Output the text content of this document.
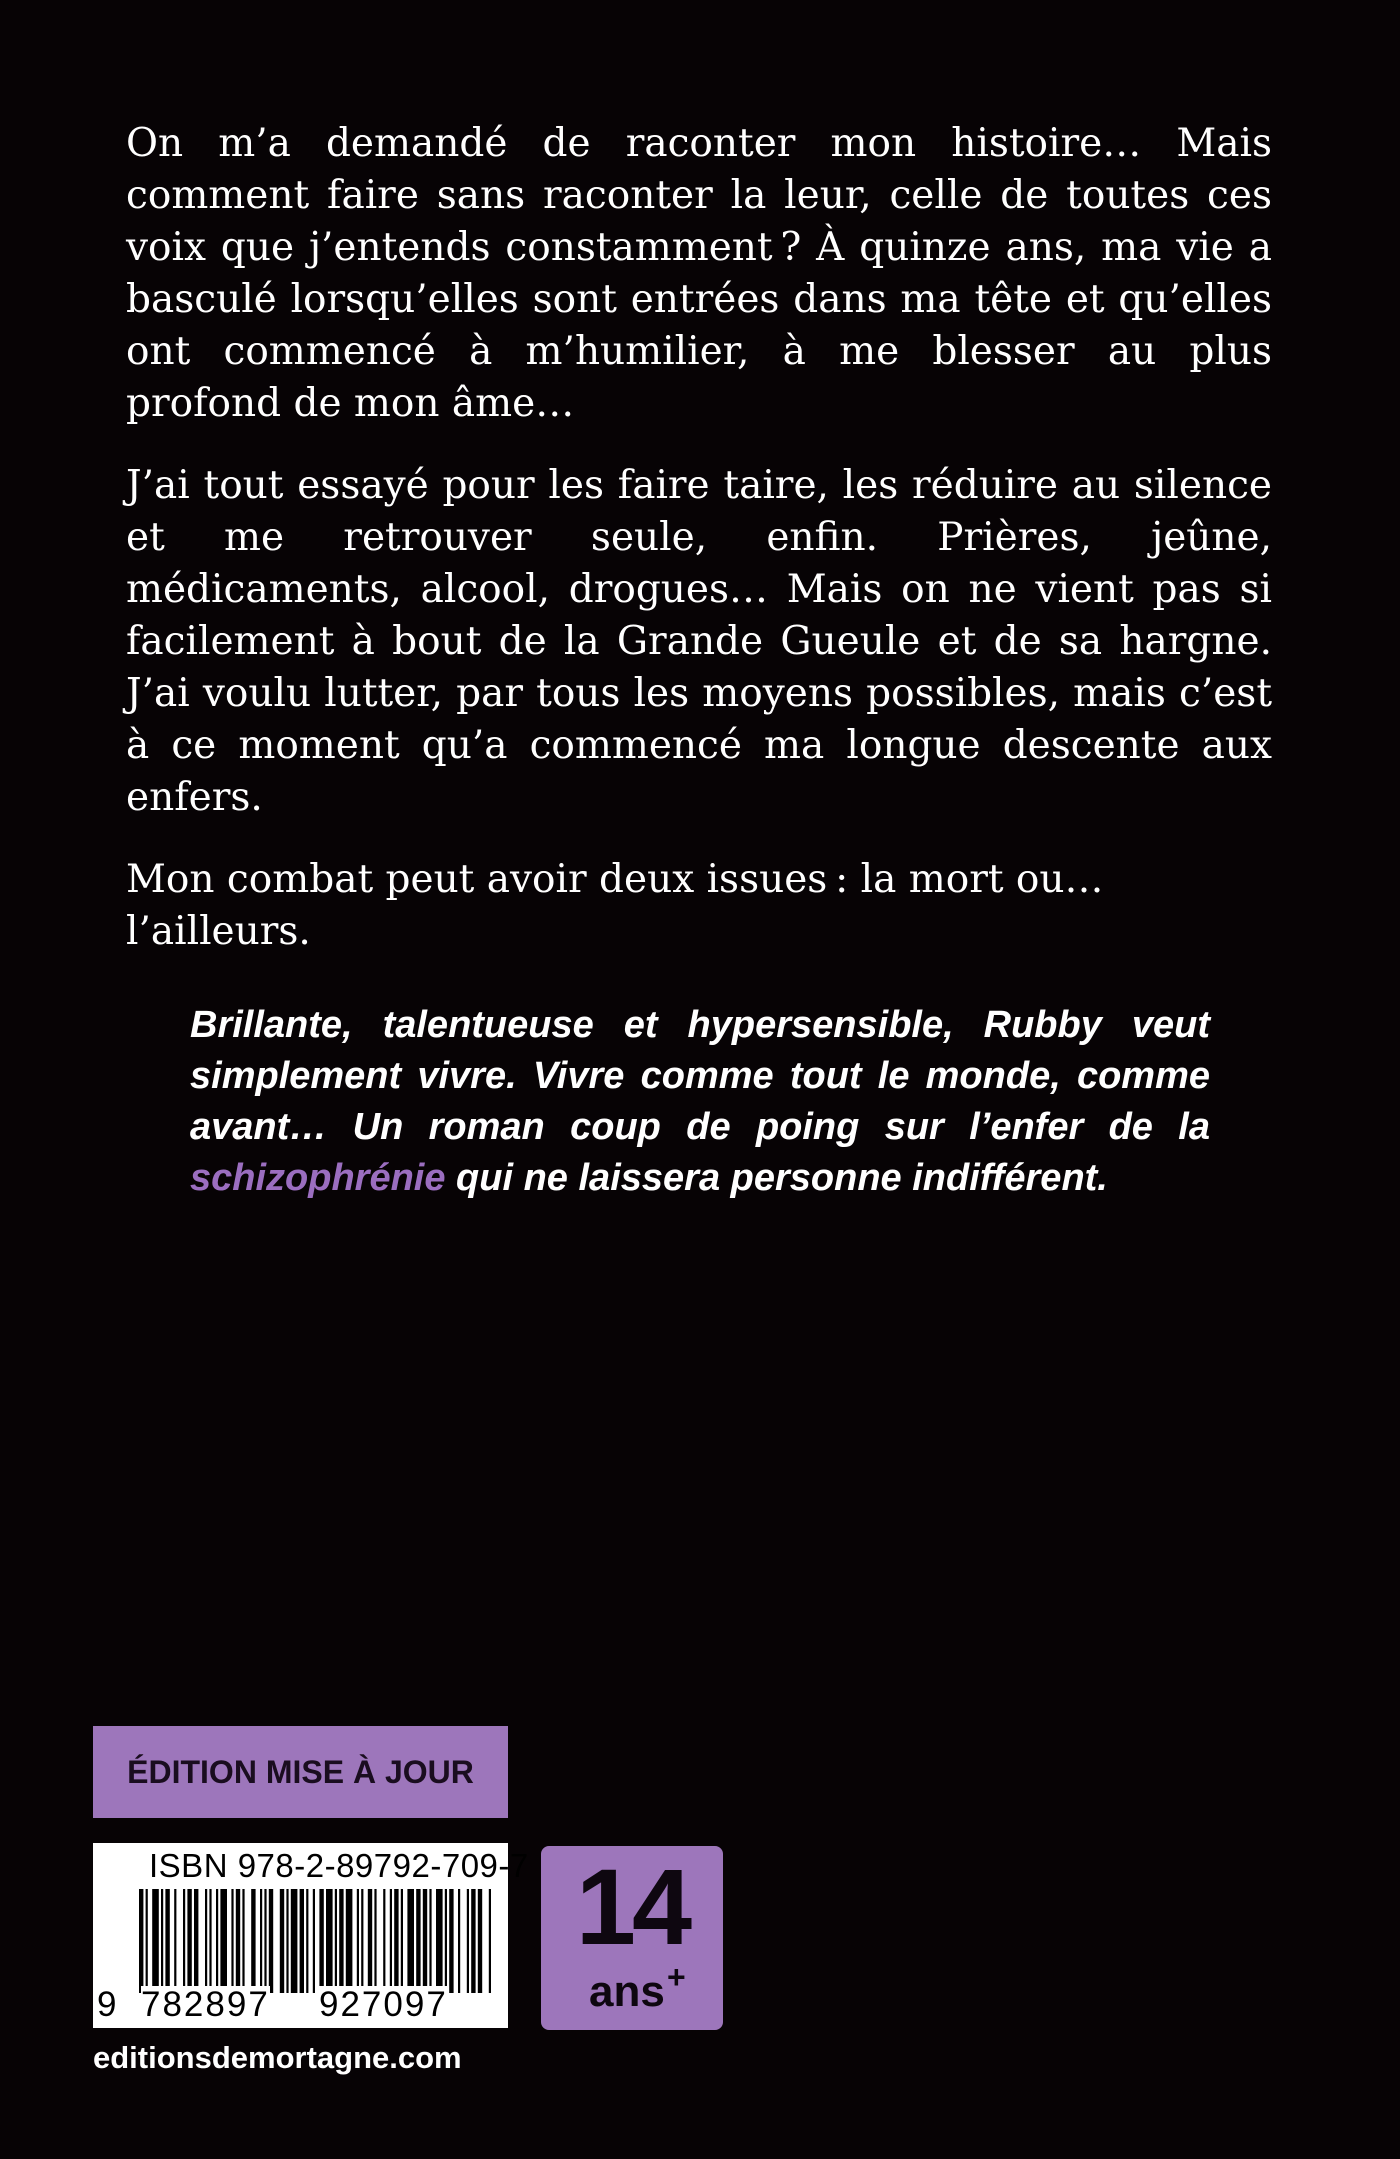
On m’a demandé de raconter mon histoire… Mais comment faire sans raconter la leur, celle de toutes ces voix que j’entends constamment ? À quinze ans, ma vie a basculé lorsqu’elles sont entrées dans ma tête et qu’elles ont commencé à m’humilier, à me blesser au plus profond de mon âme…

J’ai tout essayé pour les faire taire, les réduire au silence et me retrouver seule, enfin. Prières, jeûne, médicaments, alcool, drogues… Mais on ne vient pas si facilement à bout de la Grande Gueule et de sa hargne. J’ai voulu lutter, par tous les moyens possibles, mais c’est à ce moment qu’a commencé ma longue descente aux enfers.

Mon combat peut avoir deux issues : la mort ou… l’ailleurs.

Brillante, talentueuse et hypersensible, Rubby veut simplement vivre. Vivre comme tout le monde, comme avant… Un roman coup de poing sur l’enfer de la schizophrénie qui ne laissera personne indifférent.
ÉDITION MISE À JOUR
ISBN 978-2-89792-709-7
9 782897 927097
editionsdemortagne.com
14
ans +
